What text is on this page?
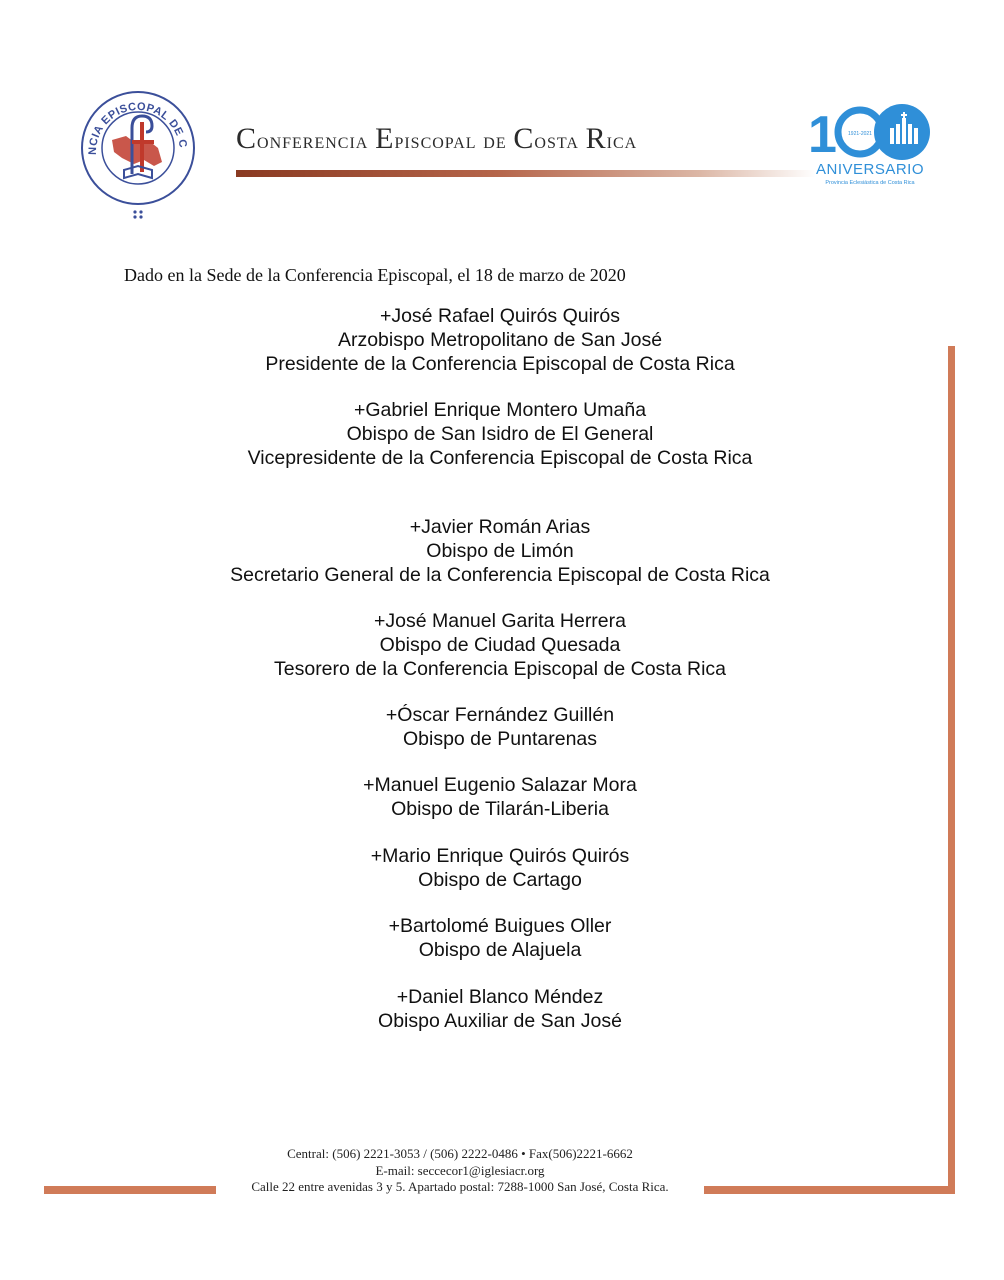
NCIA EPISCOPAL DE C Conferencia Episcopal de Costa Rica	1 1921-2021
ANIVERSARIO
Provincia Eclesiástica de Costa Rica

Dado en la Sede de la Conferencia Episcopal, el 18 de marzo de 2020

+José Rafael Quirós Quirós
Arzobispo Metropolitano de San José
Presidente de la Conferencia Episcopal de Costa Rica
+Gabriel Enrique Montero Umaña
Obispo de San Isidro de El General
Vicepresidente de la Conferencia Episcopal de Costa Rica
+Javier Román Arias
Obispo de Limón
Secretario General de la Conferencia Episcopal de Costa Rica
+José Manuel Garita Herrera
Obispo de Ciudad Quesada
Tesorero de la Conferencia Episcopal de Costa Rica
+Óscar Fernández Guillén
Obispo de Puntarenas
+Manuel Eugenio Salazar Mora
Obispo de Tilarán-Liberia
+Mario Enrique Quirós Quirós
Obispo de Cartago
+Bartolomé Buigues Oller
Obispo de Alajuela
+Daniel Blanco Méndez
Obispo Auxiliar de San José
Central: (506) 2221-3053 / (506) 2222-0486 • Fax(506)2221-6662
E-mail: seccecor1@iglesiacr.org
Calle 22 entre avenidas 3 y 5. Apartado postal: 7288-1000 San José, Costa Rica.
